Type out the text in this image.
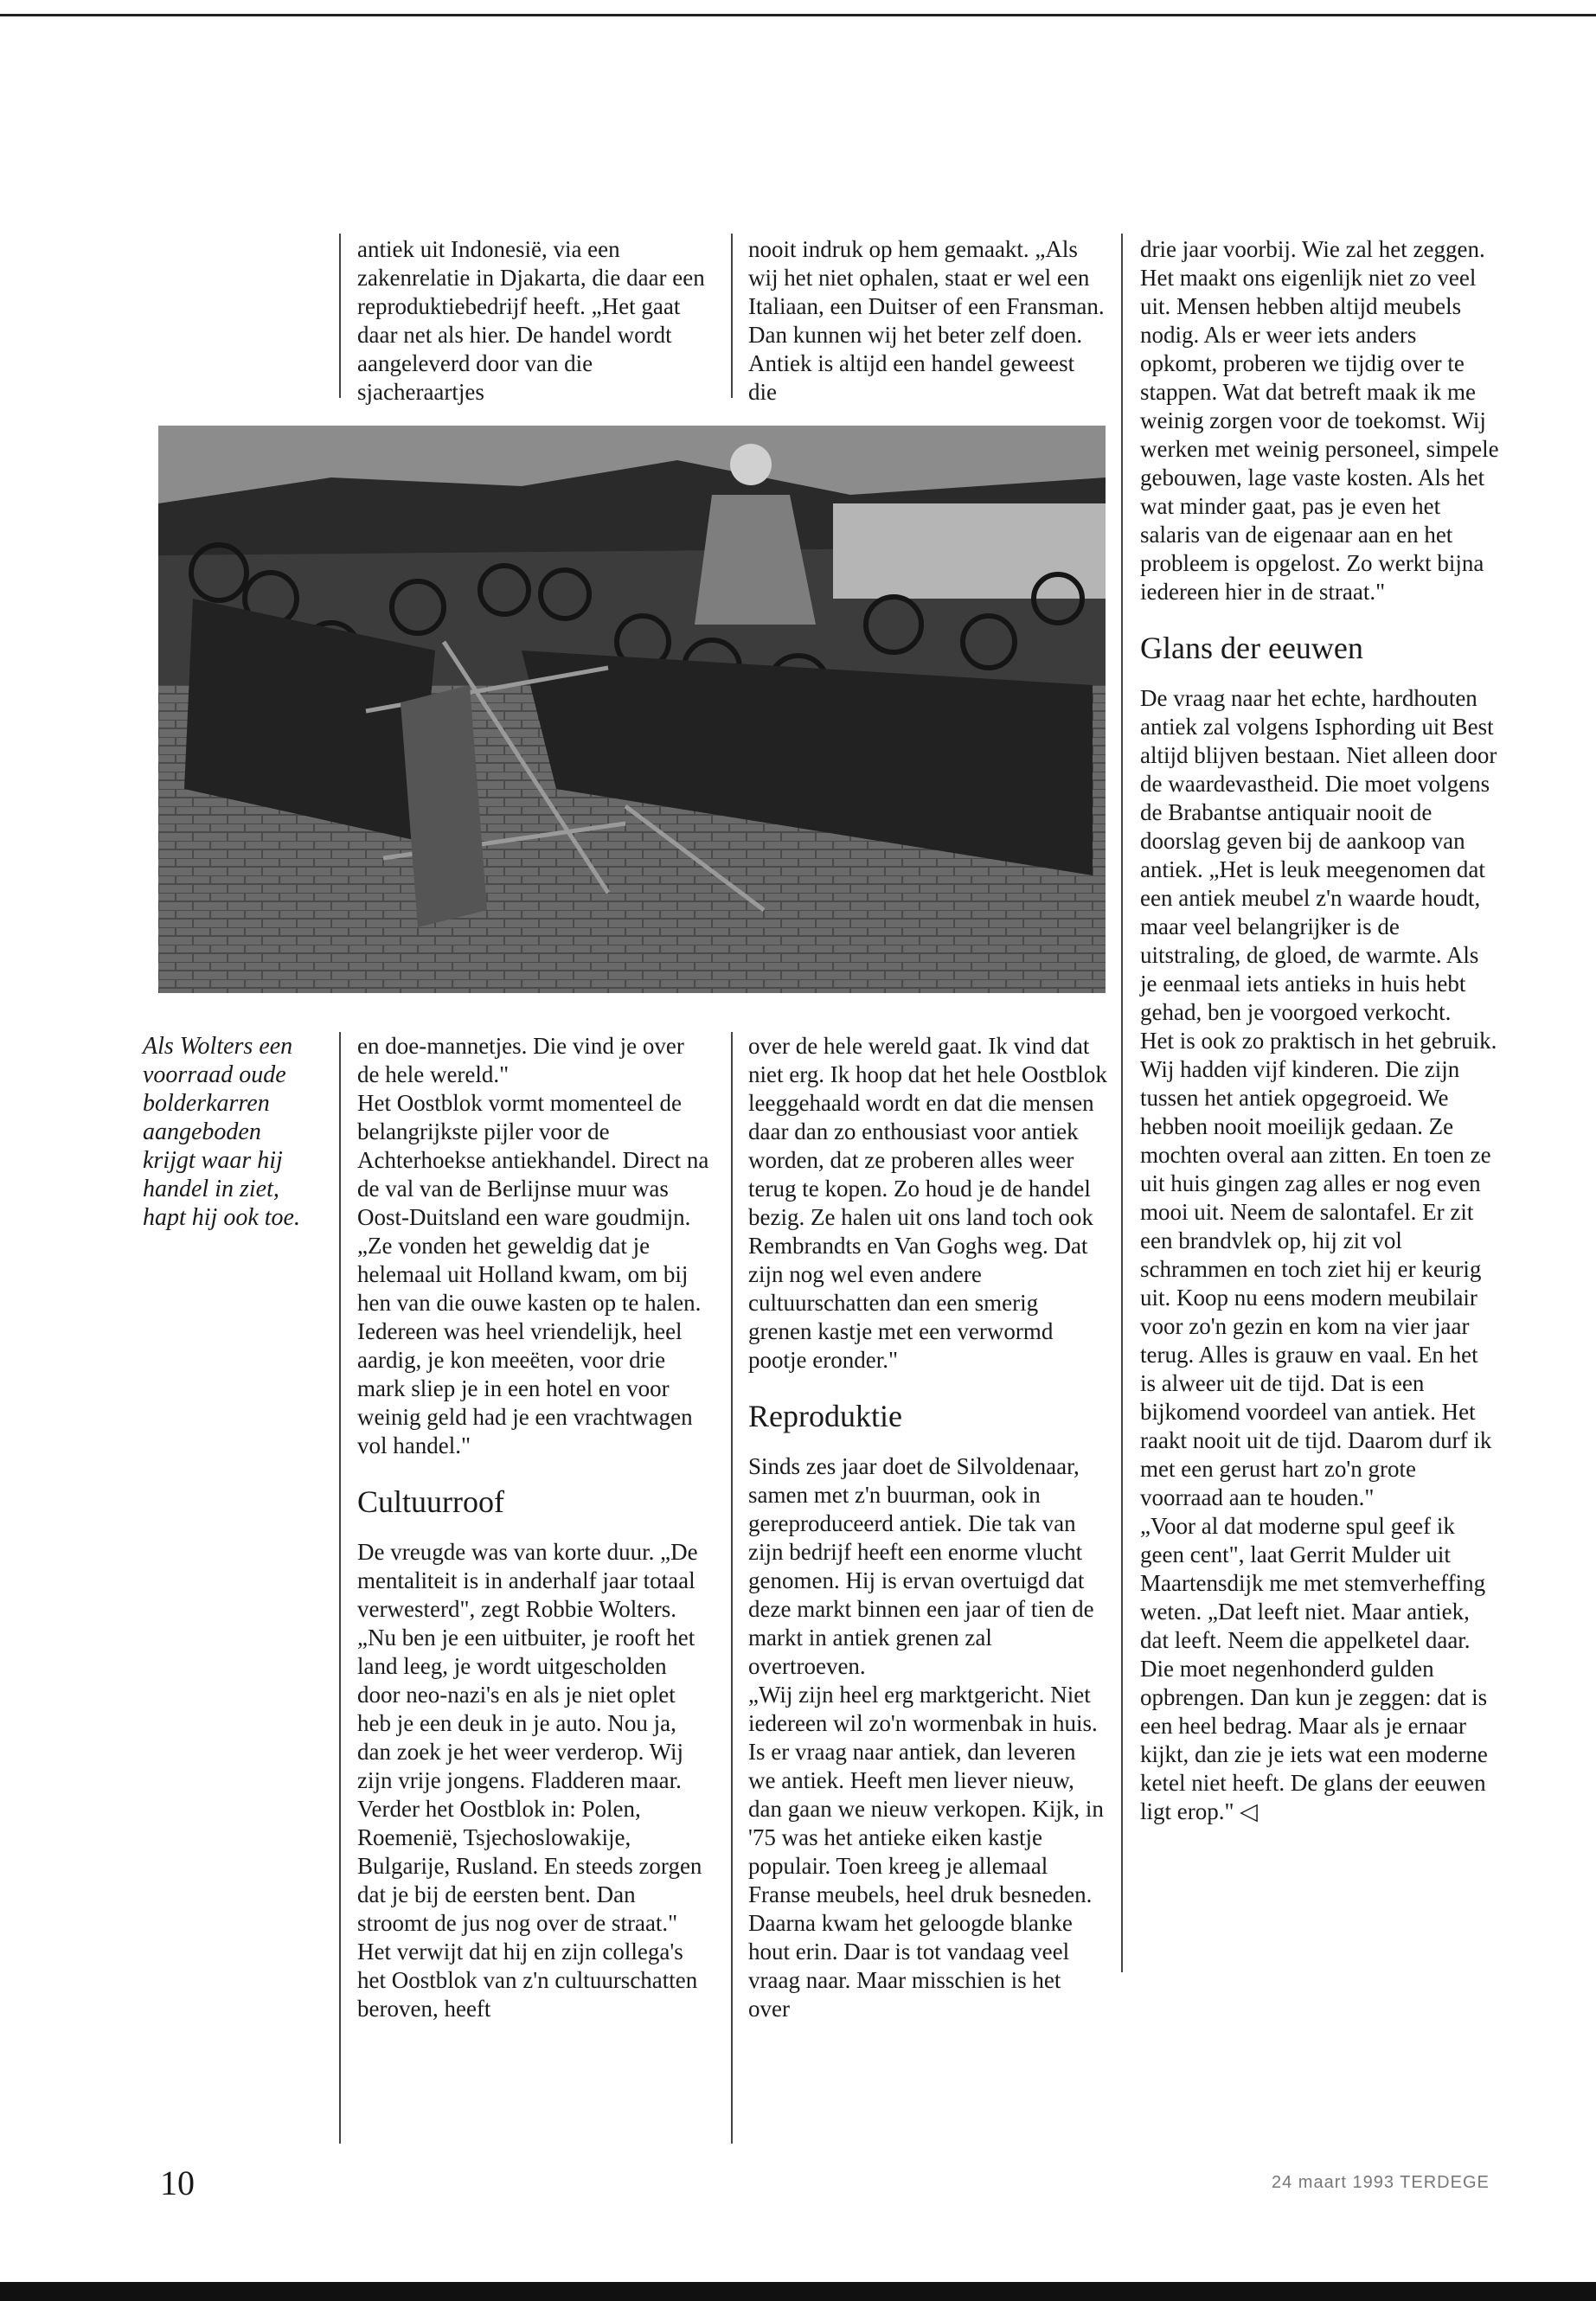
antiek uit Indonesië, via een zakenrelatie in Djakarta, die daar een reproduktiebedrijf heeft. „Het gaat daar net als hier. De handel wordt aangeleverd door van die sjacheraartjes

nooit indruk op hem gemaakt. „Als wij het niet ophalen, staat er wel een Italiaan, een Duitser of een Fransman. Dan kunnen wij het beter zelf doen. Antiek is altijd een handel geweest die

Als Wolters een voorraad oude bolderkarren aangeboden krijgt waar hij handel in ziet, hapt hij ook toe.

en doe-mannetjes. Die vind je over de hele wereld."

Het Oostblok vormt momenteel de belangrijkste pijler voor de Achterhoekse antiekhandel. Direct na de val van de Berlijnse muur was Oost-Duitsland een ware goudmijn. „Ze vonden het geweldig dat je helemaal uit Holland kwam, om bij hen van die ouwe kasten op te halen. Iedereen was heel vriendelijk, heel aardig, je kon meeëten, voor drie mark sliep je in een hotel en voor weinig geld had je een vrachtwagen vol handel."

Cultuurroof

De vreugde was van korte duur. „De mentaliteit is in anderhalf jaar totaal verwesterd", zegt Robbie Wolters. „Nu ben je een uitbuiter, je rooft het land leeg, je wordt uitgescholden door neo-nazi's en als je niet oplet heb je een deuk in je auto. Nou ja, dan zoek je het weer verderop. Wij zijn vrije jongens. Fladderen maar. Verder het Oostblok in: Polen, Roemenië, Tsjechoslowakije, Bulgarije, Rusland. En steeds zorgen dat je bij de eersten bent. Dan stroomt de jus nog over de straat."

Het verwijt dat hij en zijn collega's het Oostblok van z'n cultuurschatten beroven, heeft

over de hele wereld gaat. Ik vind dat niet erg. Ik hoop dat het hele Oostblok leeggehaald wordt en dat die mensen daar dan zo enthousiast voor antiek worden, dat ze proberen alles weer terug te kopen. Zo houd je de handel bezig. Ze halen uit ons land toch ook Rembrandts en Van Goghs weg. Dat zijn nog wel even andere cultuurschatten dan een smerig grenen kastje met een verwormd pootje eronder."

Reproduktie

Sinds zes jaar doet de Silvoldenaar, samen met z'n buurman, ook in gereproduceerd antiek. Die tak van zijn bedrijf heeft een enorme vlucht genomen. Hij is ervan overtuigd dat deze markt binnen een jaar of tien de markt in antiek grenen zal overtroeven.

„Wij zijn heel erg marktgericht. Niet iedereen wil zo'n wormenbak in huis. Is er vraag naar antiek, dan leveren we antiek. Heeft men liever nieuw, dan gaan we nieuw verkopen. Kijk, in '75 was het antieke eiken kastje populair. Toen kreeg je allemaal Franse meubels, heel druk besneden. Daarna kwam het geloogde blanke hout erin. Daar is tot vandaag veel vraag naar. Maar misschien is het over

drie jaar voorbij. Wie zal het zeggen.

Het maakt ons eigenlijk niet zo veel uit. Mensen hebben altijd meubels nodig. Als er weer iets anders opkomt, proberen we tijdig over te stappen. Wat dat betreft maak ik me weinig zorgen voor de toekomst. Wij werken met weinig personeel, simpele gebouwen, lage vaste kosten. Als het wat minder gaat, pas je even het salaris van de eigenaar aan en het probleem is opgelost. Zo werkt bijna iedereen hier in de straat."

Glans der eeuwen

De vraag naar het echte, hardhouten antiek zal volgens Isphording uit Best altijd blijven bestaan. Niet alleen door de waardevastheid. Die moet volgens de Brabantse antiquair nooit de doorslag geven bij de aankoop van antiek. „Het is leuk meegenomen dat een antiek meubel z'n waarde houdt, maar veel belangrijker is de uitstraling, de gloed, de warmte. Als je eenmaal iets antieks in huis hebt gehad, ben je voorgoed verkocht.

Het is ook zo praktisch in het gebruik. Wij hadden vijf kinderen. Die zijn tussen het antiek opgegroeid. We hebben nooit moeilijk gedaan. Ze mochten overal aan zitten. En toen ze uit huis gingen zag alles er nog even mooi uit. Neem de salontafel. Er zit een brandvlek op, hij zit vol schrammen en toch ziet hij er keurig uit. Koop nu eens modern meubilair voor zo'n gezin en kom na vier jaar terug. Alles is grauw en vaal. En het is alweer uit de tijd. Dat is een bijkomend voordeel van antiek. Het raakt nooit uit de tijd. Daarom durf ik met een gerust hart zo'n grote voorraad aan te houden."

„Voor al dat moderne spul geef ik geen cent", laat Gerrit Mulder uit Maartensdijk me met stemverheffing weten. „Dat leeft niet. Maar antiek, dat leeft. Neem die appelketel daar. Die moet negenhonderd gulden opbrengen. Dan kun je zeggen: dat is een heel bedrag. Maar als je ernaar kijkt, dan zie je iets wat een moderne ketel niet heeft. De glans der eeuwen ligt erop." ◁

10	24 maart 1993 TERDEGE
